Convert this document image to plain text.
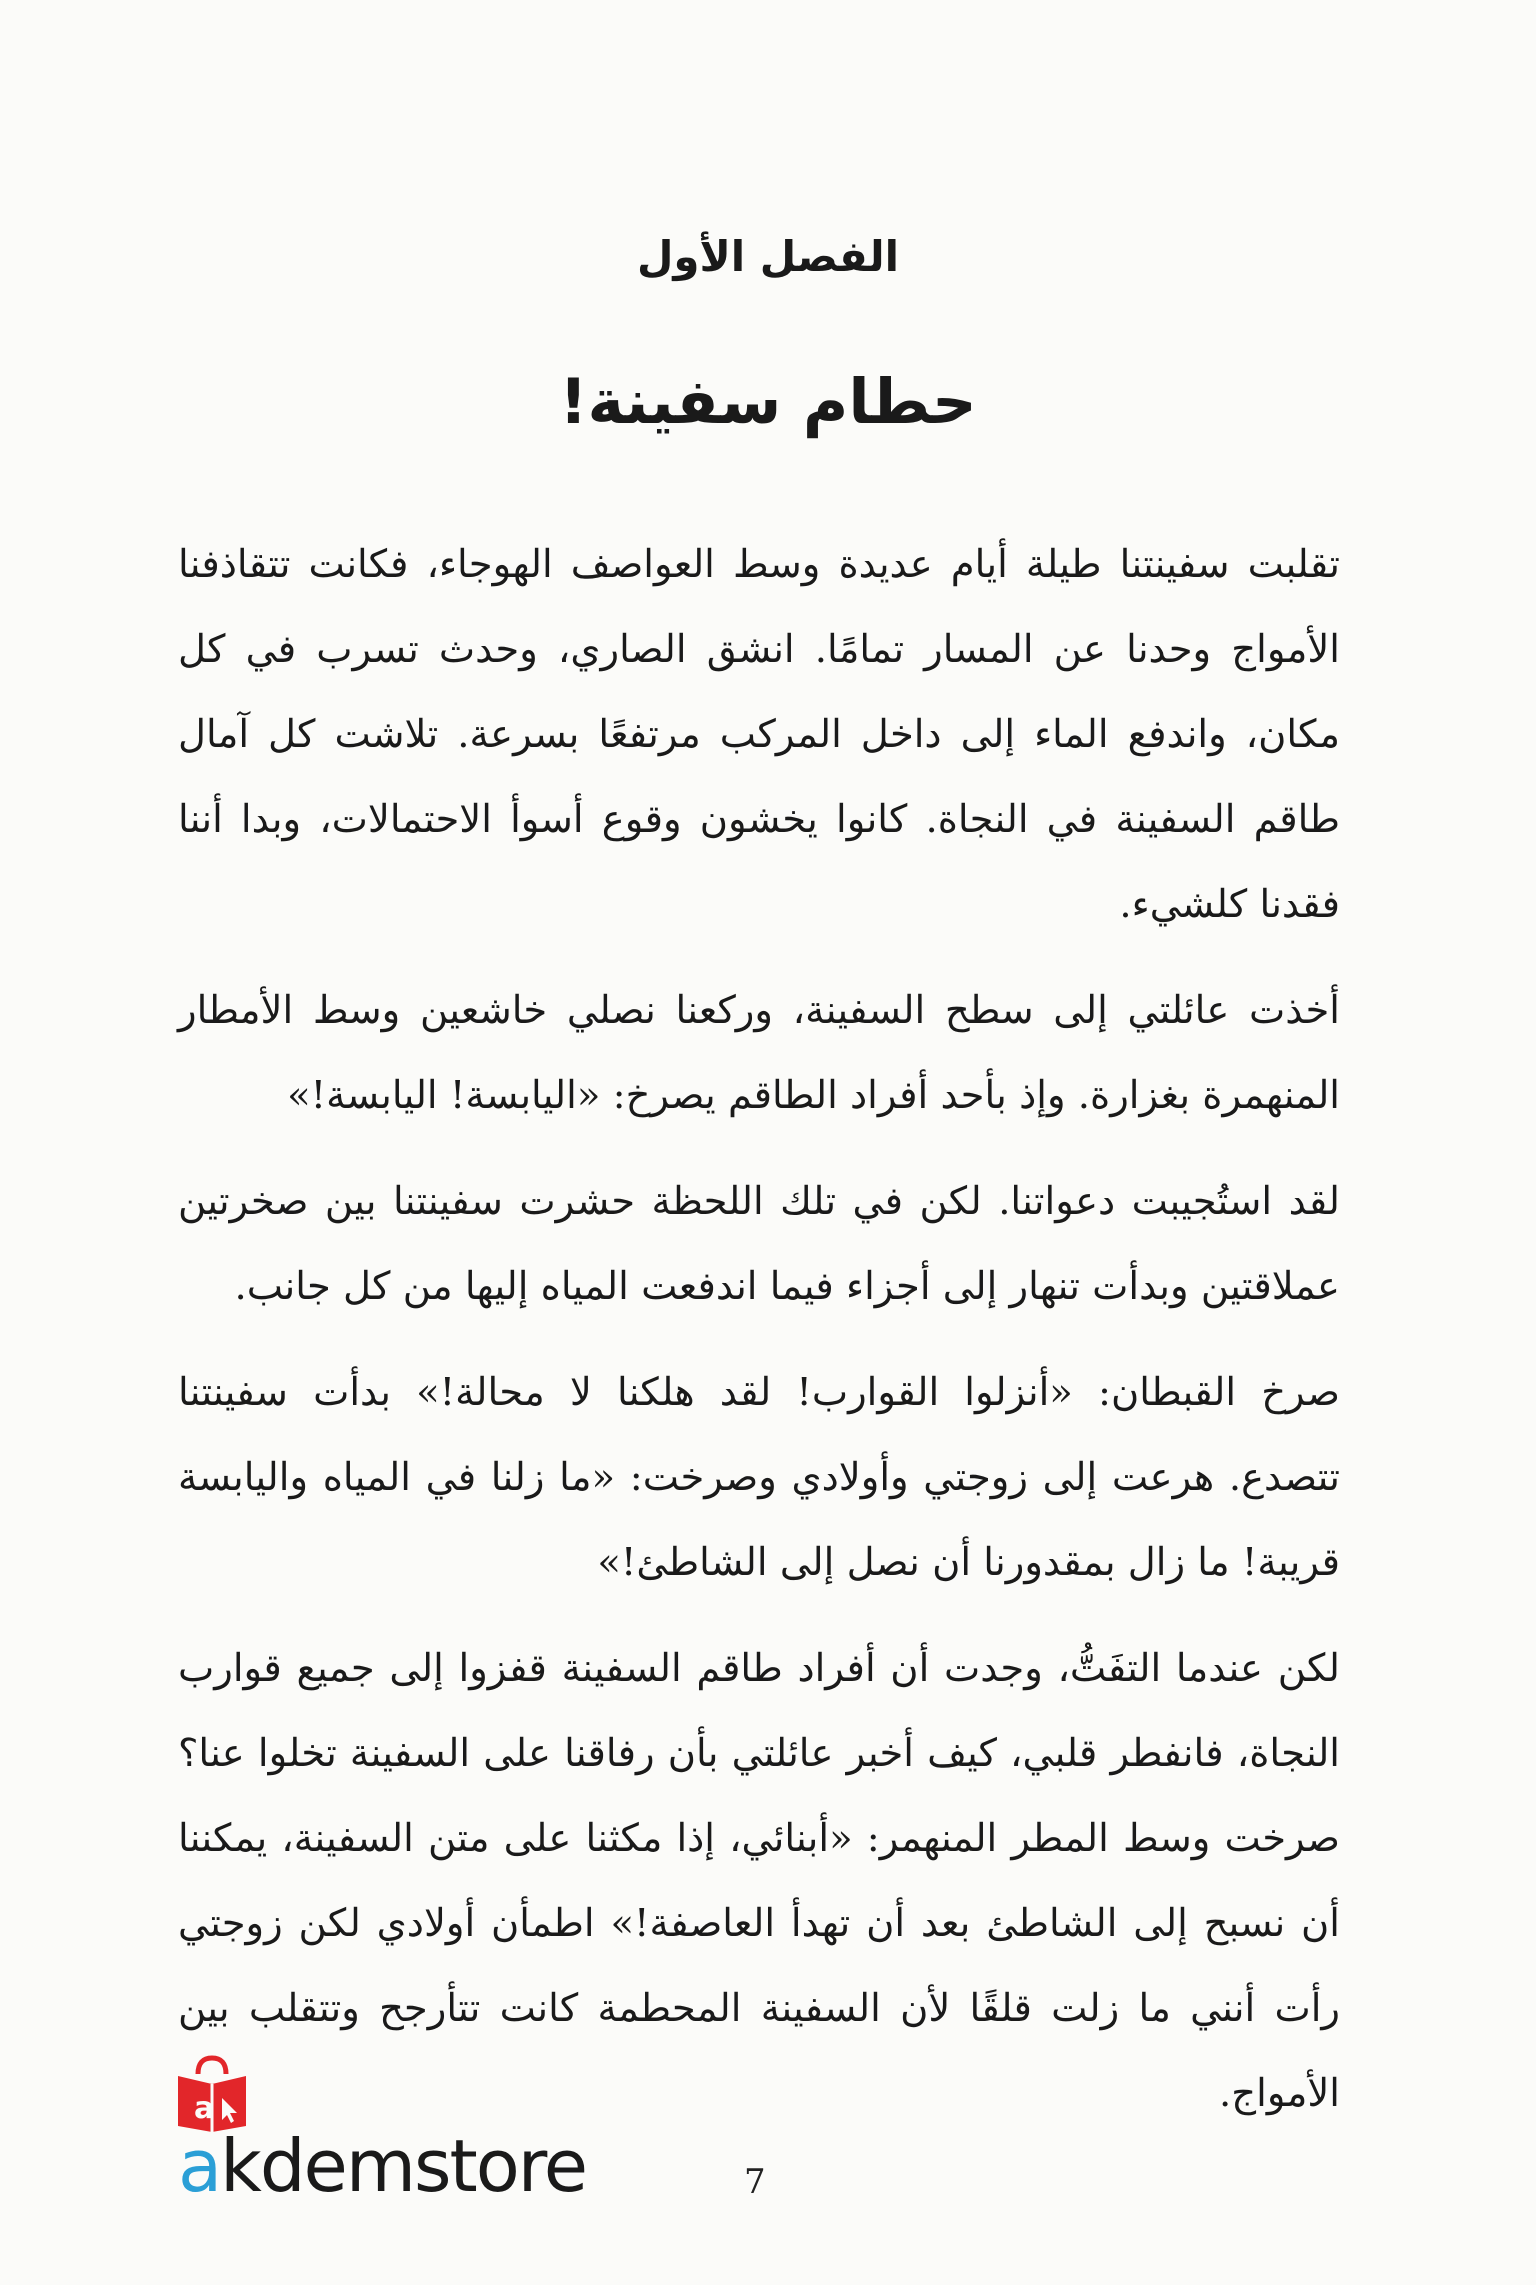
الفصل الأول
حطام سفينة!

تقلبت سفينتنا طيلة أيام عديدة وسط العواصف الهوجاء، فكانت تتقاذفنا الأمواج وحدنا عن المسار تمامًا. انشق الصاري، وحدث تسرب في كل مكان، واندفع الماء إلى داخل المركب مرتفعًا بسرعة. تلاشت كل آمال طاقم السفينة في النجاة. كانوا يخشون وقوع أسوأ الاحتمالات، وبدا أننا فقدنا كلشيء.

أخذت عائلتي إلى سطح السفينة، وركعنا نصلي خاشعين وسط الأمطار المنهمرة بغزارة. وإذ بأحد أفراد الطاقم يصرخ: «اليابسة! اليابسة!»

لقد استُجيبت دعواتنا. لكن في تلك اللحظة حشرت سفينتنا بين صخرتين عملاقتين وبدأت تنهار إلى أجزاء فيما اندفعت المياه إليها من كل جانب.

صرخ القبطان: «أنزلوا القوارب! لقد هلكنا لا محالة!» بدأت سفينتنا تتصدع. هرعت إلى زوجتي وأولادي وصرخت: «ما زلنا في المياه واليابسة قريبة! ما زال بمقدورنا أن نصل إلى الشاطئ!»

لكن عندما التفَتُّ، وجدت أن أفراد طاقم السفينة قفزوا إلى جميع قوارب النجاة، فانفطر قلبي، كيف أخبر عائلتي بأن رفاقنا على السفينة تخلوا عنا؟ صرخت وسط المطر المنهمر: «أبنائي، إذا مكثنا على متن السفينة، يمكننا أن نسبح إلى الشاطئ بعد أن تهدأ العاصفة!» اطمأن أولادي لكن زوجتي رأت أنني ما زلت قلقًا لأن السفينة المحطمة كانت تتأرجح وتتقلب بين الأمواج.

a
akdemstore	7
